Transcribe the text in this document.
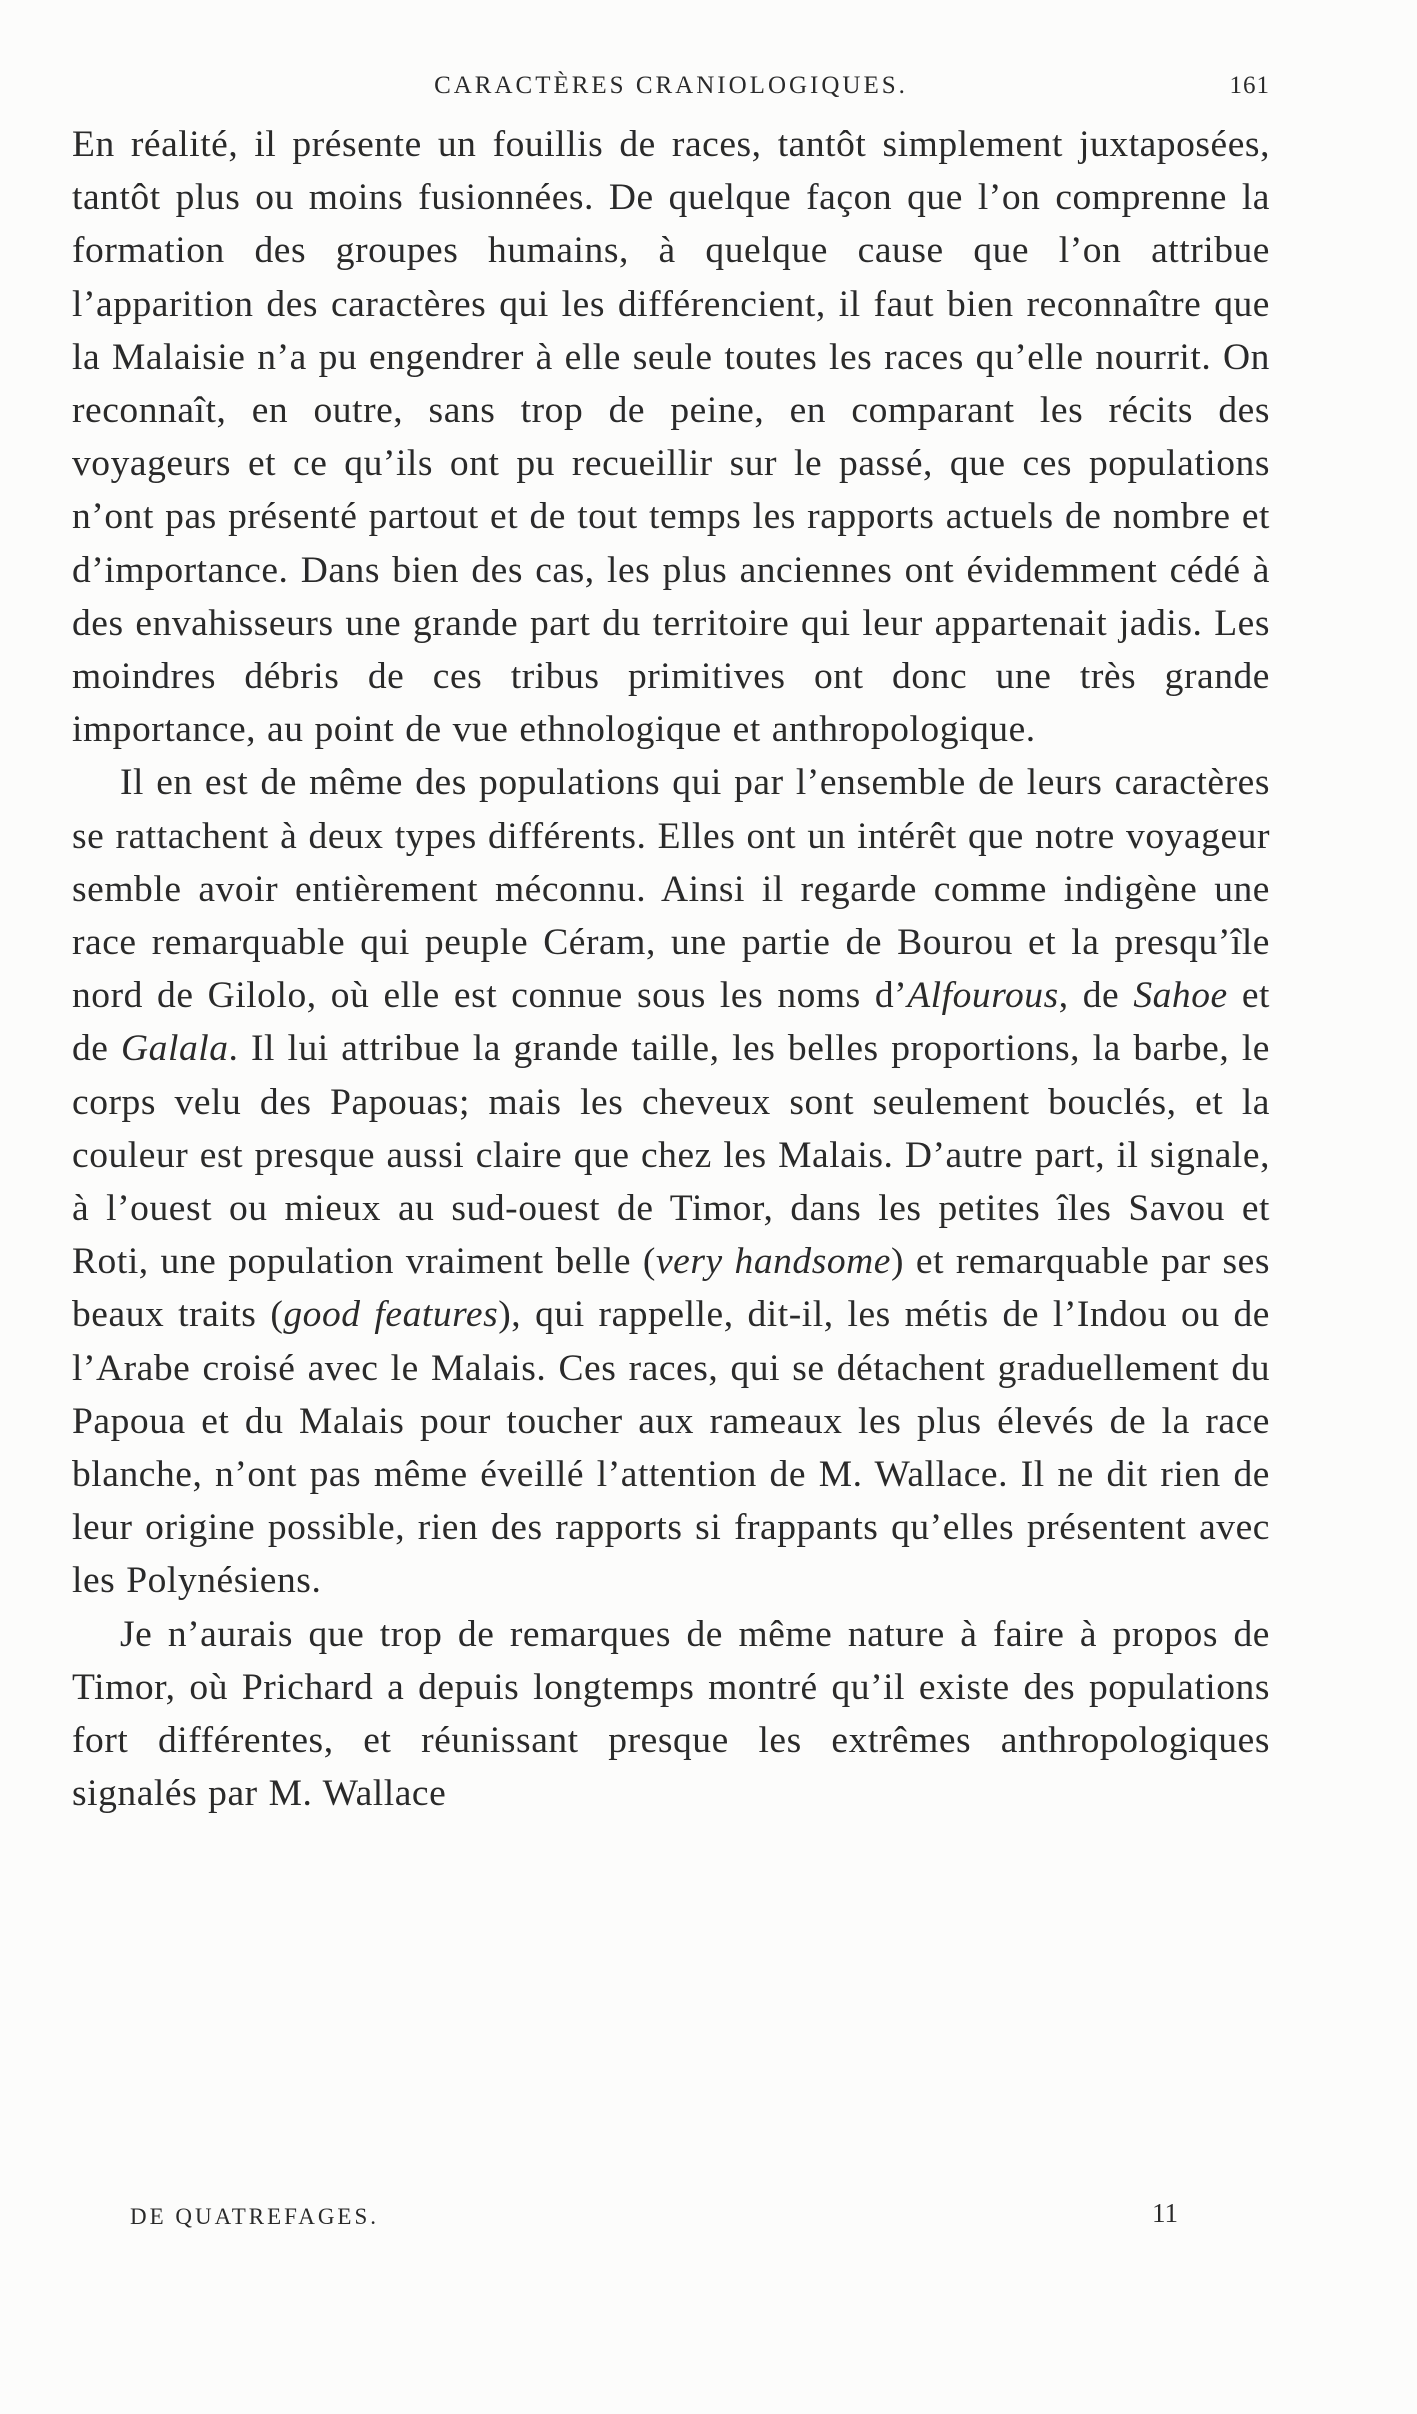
CARACTÈRES CRANIOLOGIQUES.	161

En réalité, il présente un fouillis de races, tantôt simplement juxtaposées, tantôt plus ou moins fusionnées. De quelque façon que l’on comprenne la formation des groupes humains, à quelque cause que l’on attribue l’apparition des caractères qui les différencient, il faut bien reconnaître que la Malaisie n’a pu engendrer à elle seule toutes les races qu’elle nourrit. On reconnaît, en outre, sans trop de peine, en comparant les récits des voyageurs et ce qu’ils ont pu recueillir sur le passé, que ces populations n’ont pas présenté partout et de tout temps les rapports actuels de nombre et d’importance. Dans bien des cas, les plus anciennes ont évidemment cédé à des envahisseurs une grande part du territoire qui leur appartenait jadis. Les moindres débris de ces tribus primitives ont donc une très grande importance, au point de vue ethnologique et anthropologique.

Il en est de même des populations qui par l’ensemble de leurs caractères se rattachent à deux types différents. Elles ont un intérêt que notre voyageur semble avoir entièrement méconnu. Ainsi il regarde comme indigène une race remarquable qui peuple Céram, une partie de Bourou et la presqu’île nord de Gilolo, où elle est connue sous les noms d’Alfourous, de Sahoe et de Galala. Il lui attribue la grande taille, les belles proportions, la barbe, le corps velu des Papouas; mais les cheveux sont seulement bouclés, et la couleur est presque aussi claire que chez les Malais. D’autre part, il signale, à l’ouest ou mieux au sud-ouest de Timor, dans les petites îles Savou et Roti, une population vraiment belle (very handsome) et remarquable par ses beaux traits (good features), qui rappelle, dit-il, les métis de l’Indou ou de l’Arabe croisé avec le Malais. Ces races, qui se détachent graduellement du Papoua et du Malais pour toucher aux rameaux les plus élevés de la race blanche, n’ont pas même éveillé l’attention de M. Wallace. Il ne dit rien de leur origine possible, rien des rapports si frappants qu’elles présentent avec les Polynésiens.

Je n’aurais que trop de remarques de même nature à faire à propos de Timor, où Prichard a depuis longtemps montré qu’il existe des populations fort différentes, et réunissant presque les extrêmes anthropologiques signalés par M. Wallace

DE QUATREFAGES.	11
